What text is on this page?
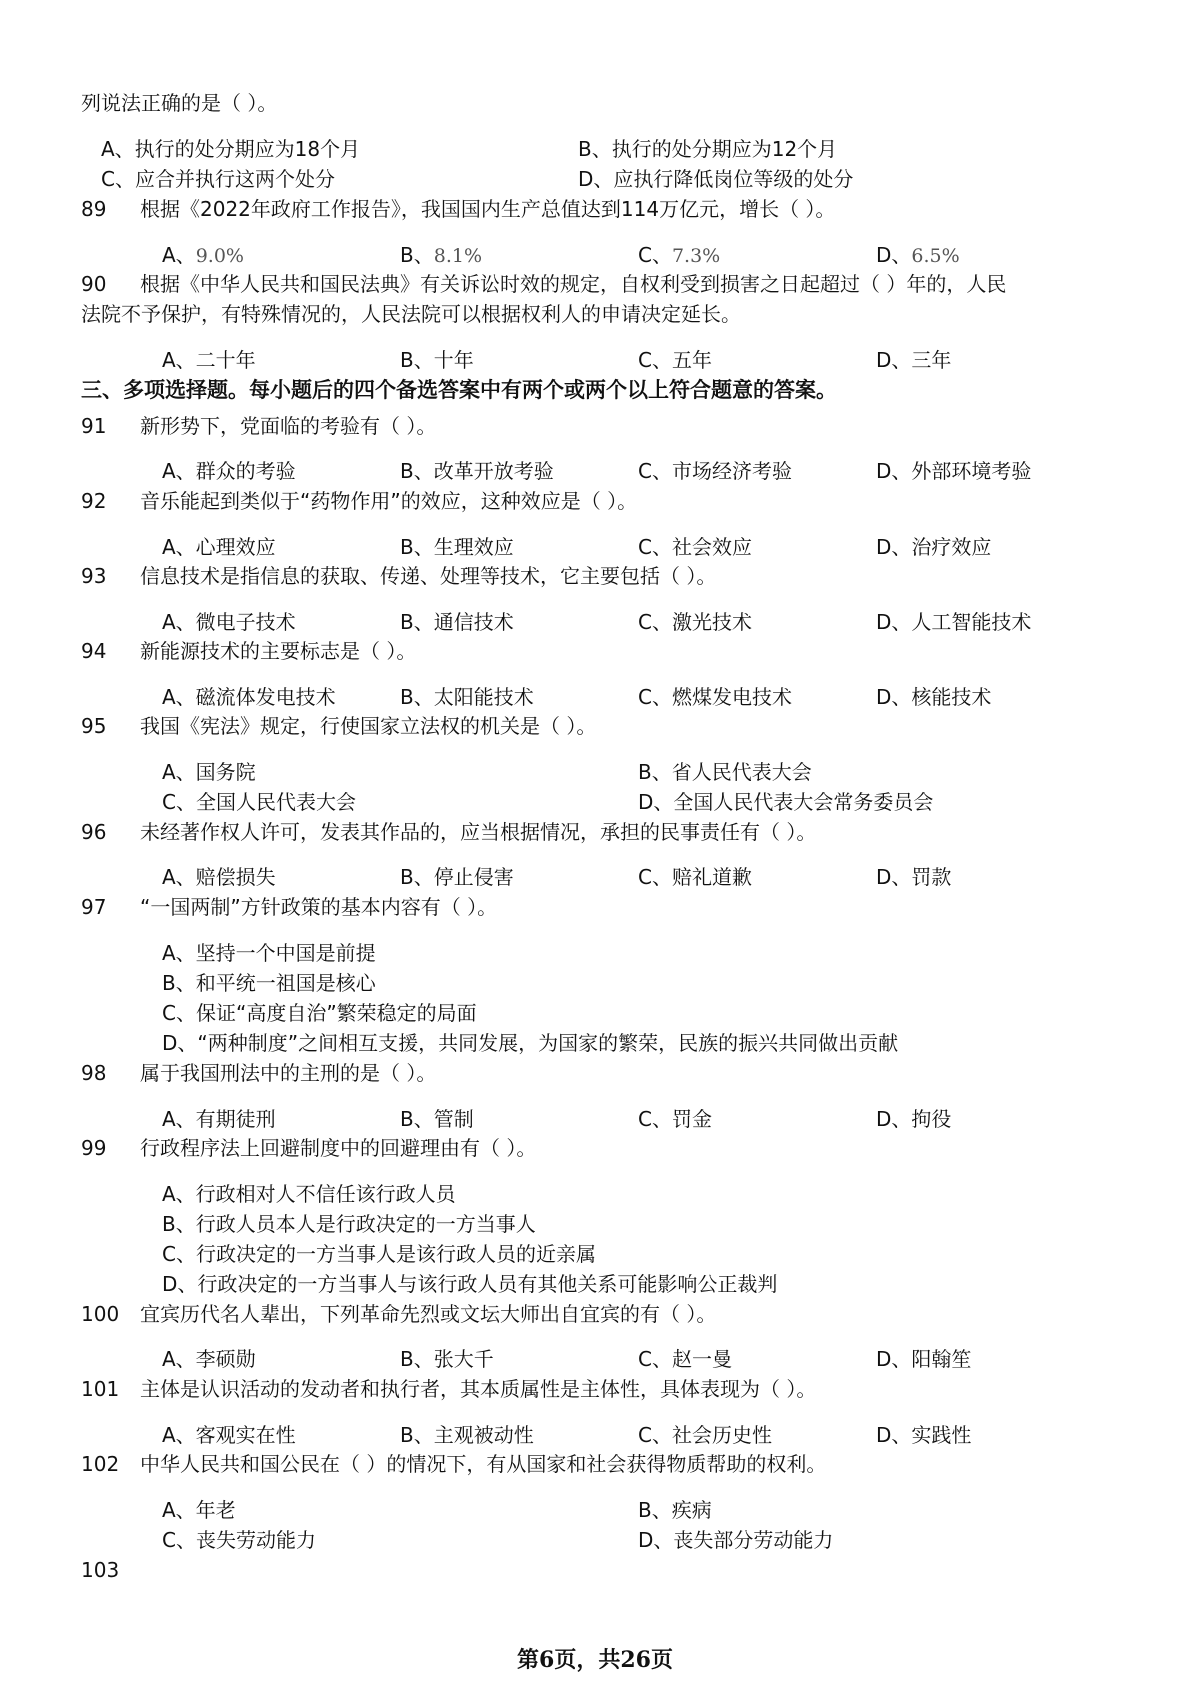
列说法正确的是（ ）。
A、执行的处分期应为18个月	B、执行的处分期应为12个月
C、应合并执行这两个处分	D、应执行降低岗位等级的处分
89 根据《2022年政府工作报告》，我国国内生产总值达到114万亿元，增长（ ）。
A、9.0%	B、8.1%	C、7.3%	D、6.5%
90 根据《中华人民共和国民法典》有关诉讼时效的规定，自权利受到损害之日起超过（ ）年的，人民
法院不予保护，有特殊情况的，人民法院可以根据权利人的申请决定延长。
A、二十年	B、十年	C、五年	D、三年
三、多项选择题。每小题后的四个备选答案中有两个或两个以上符合题意的答案。
91 新形势下，党面临的考验有（ ）。
A、群众的考验	B、改革开放考验	C、市场经济考验	D、外部环境考验
92 音乐能起到类似于“药物作用”的效应，这种效应是（ ）。
A、心理效应	B、生理效应	C、社会效应	D、治疗效应
93 信息技术是指信息的获取、传递、处理等技术，它主要包括（ ）。
A、微电子技术	B、通信技术	C、激光技术	D、人工智能技术
94 新能源技术的主要标志是（ ）。
A、磁流体发电技术	B、太阳能技术	C、燃煤发电技术	D、核能技术
95 我国《宪法》规定，行使国家立法权的机关是（ ）。
A、国务院	B、省人民代表大会
C、全国人民代表大会	D、全国人民代表大会常务委员会
96 未经著作权人许可，发表其作品的，应当根据情况，承担的民事责任有（ ）。
A、赔偿损失	B、停止侵害	C、赔礼道歉	D、罚款
97 “一国两制”方针政策的基本内容有（ ）。
A、坚持一个中国是前提
B、和平统一祖国是核心
C、保证“高度自治”繁荣稳定的局面
D、“两种制度”之间相互支援，共同发展，为国家的繁荣，民族的振兴共同做出贡献
98 属于我国刑法中的主刑的是（ ）。
A、有期徒刑	B、管制	C、罚金	D、拘役
99 行政程序法上回避制度中的回避理由有（ ）。
A、行政相对人不信任该行政人员
B、行政人员本人是行政决定的一方当事人
C、行政决定的一方当事人是该行政人员的近亲属
D、行政决定的一方当事人与该行政人员有其他关系可能影响公正裁判
100 宜宾历代名人辈出，下列革命先烈或文坛大师出自宜宾的有（ ）。
A、李硕勋	B、张大千	C、赵一曼	D、阳翰笙
101 主体是认识活动的发动者和执行者，其本质属性是主体性，具体表现为（ ）。
A、客观实在性	B、主观被动性	C、社会历史性	D、实践性
102 中华人民共和国公民在（ ）的情况下，有从国家和社会获得物质帮助的权利。
A、年老	B、疾病
C、丧失劳动能力	D、丧失部分劳动能力
103
第6页，共26页
